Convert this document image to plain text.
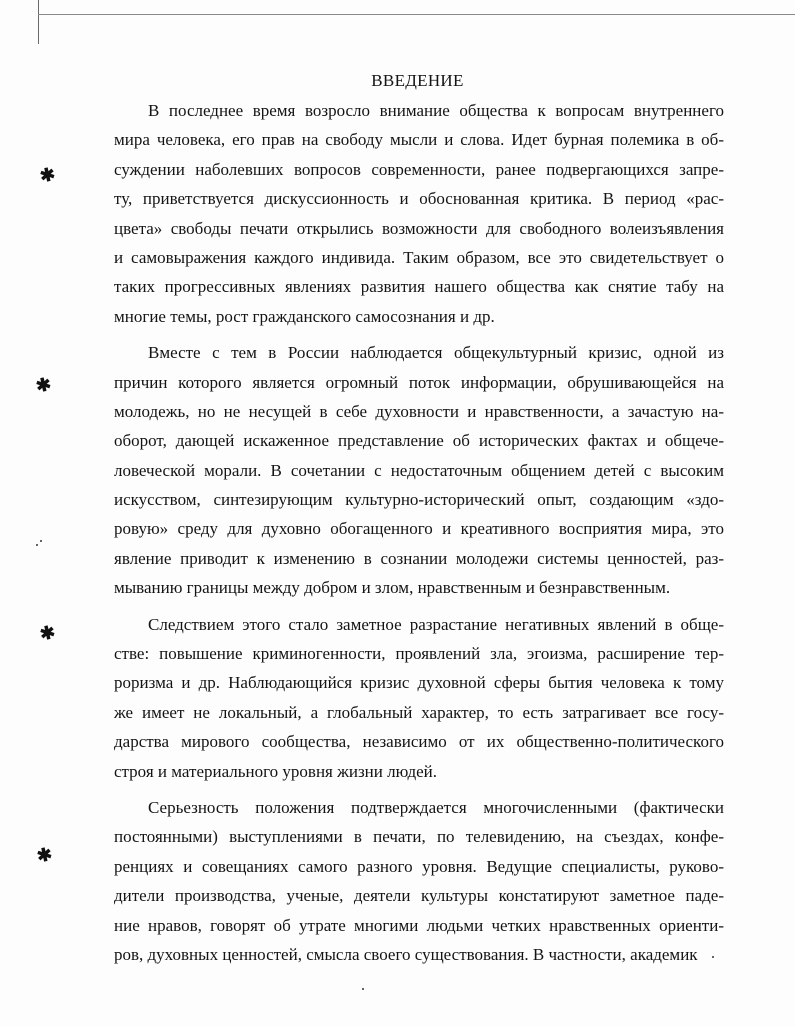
ВВЕДЕНИЕ
В последнее время возросло внимание общества к вопросам внутреннего
мира человека, его прав на свободу мысли и слова. Идет бурная полемика в об-
суждении наболевших вопросов современности, ранее подвергающихся запре-
ту, приветствуется дискуссионность и обоснованная критика. В период «рас-
цвета» свободы печати открылись возможности для свободного волеизъявления
и самовыражения каждого индивида. Таким образом, все это свидетельствует о
таких прогрессивных явлениях развития нашего общества как снятие табу на
многие темы, рост гражданского самосознания и др.
Вместе с тем в России наблюдается общекультурный кризис, одной из
причин которого является огромный поток информации, обрушивающейся на
молодежь, но не несущей в себе духовности и нравственности, а зачастую на-
оборот, дающей искаженное представление об исторических фактах и общече-
ловеческой морали. В сочетании с недостаточным общением детей с высоким
искусством, синтезирующим культурно-исторический опыт, создающим «здо-
ровую» среду для духовно обогащенного и креативного восприятия мира, это
явление приводит к изменению в сознании молодежи системы ценностей, раз-
мыванию границы между добром и злом, нравственным и безнравственным.
Следствием этого стало заметное разрастание негативных явлений в обще-
стве: повышение криминогенности, проявлений зла, эгоизма, расширение тер-
роризма и др. Наблюдающийся кризис духовной сферы бытия человека к тому
же имеет не локальный, а глобальный характер, то есть затрагивает все госу-
дарства мирового сообщества, независимо от их общественно-политического
строя и материального уровня жизни людей.
Серьезность положения подтверждается многочисленными (фактически
постоянными) выступлениями в печати, по телевидению, на съездах, конфе-
ренциях и совещаниях самого разного уровня. Ведущие специалисты, руково-
дители производства, ученые, деятели культуры констатируют заметное паде-
ние нравов, говорят об утрате многими людьми четких нравственных ориенти-
ров, духовных ценностей, смысла своего существования. В частности, академик
✱
✱
✱
✱
